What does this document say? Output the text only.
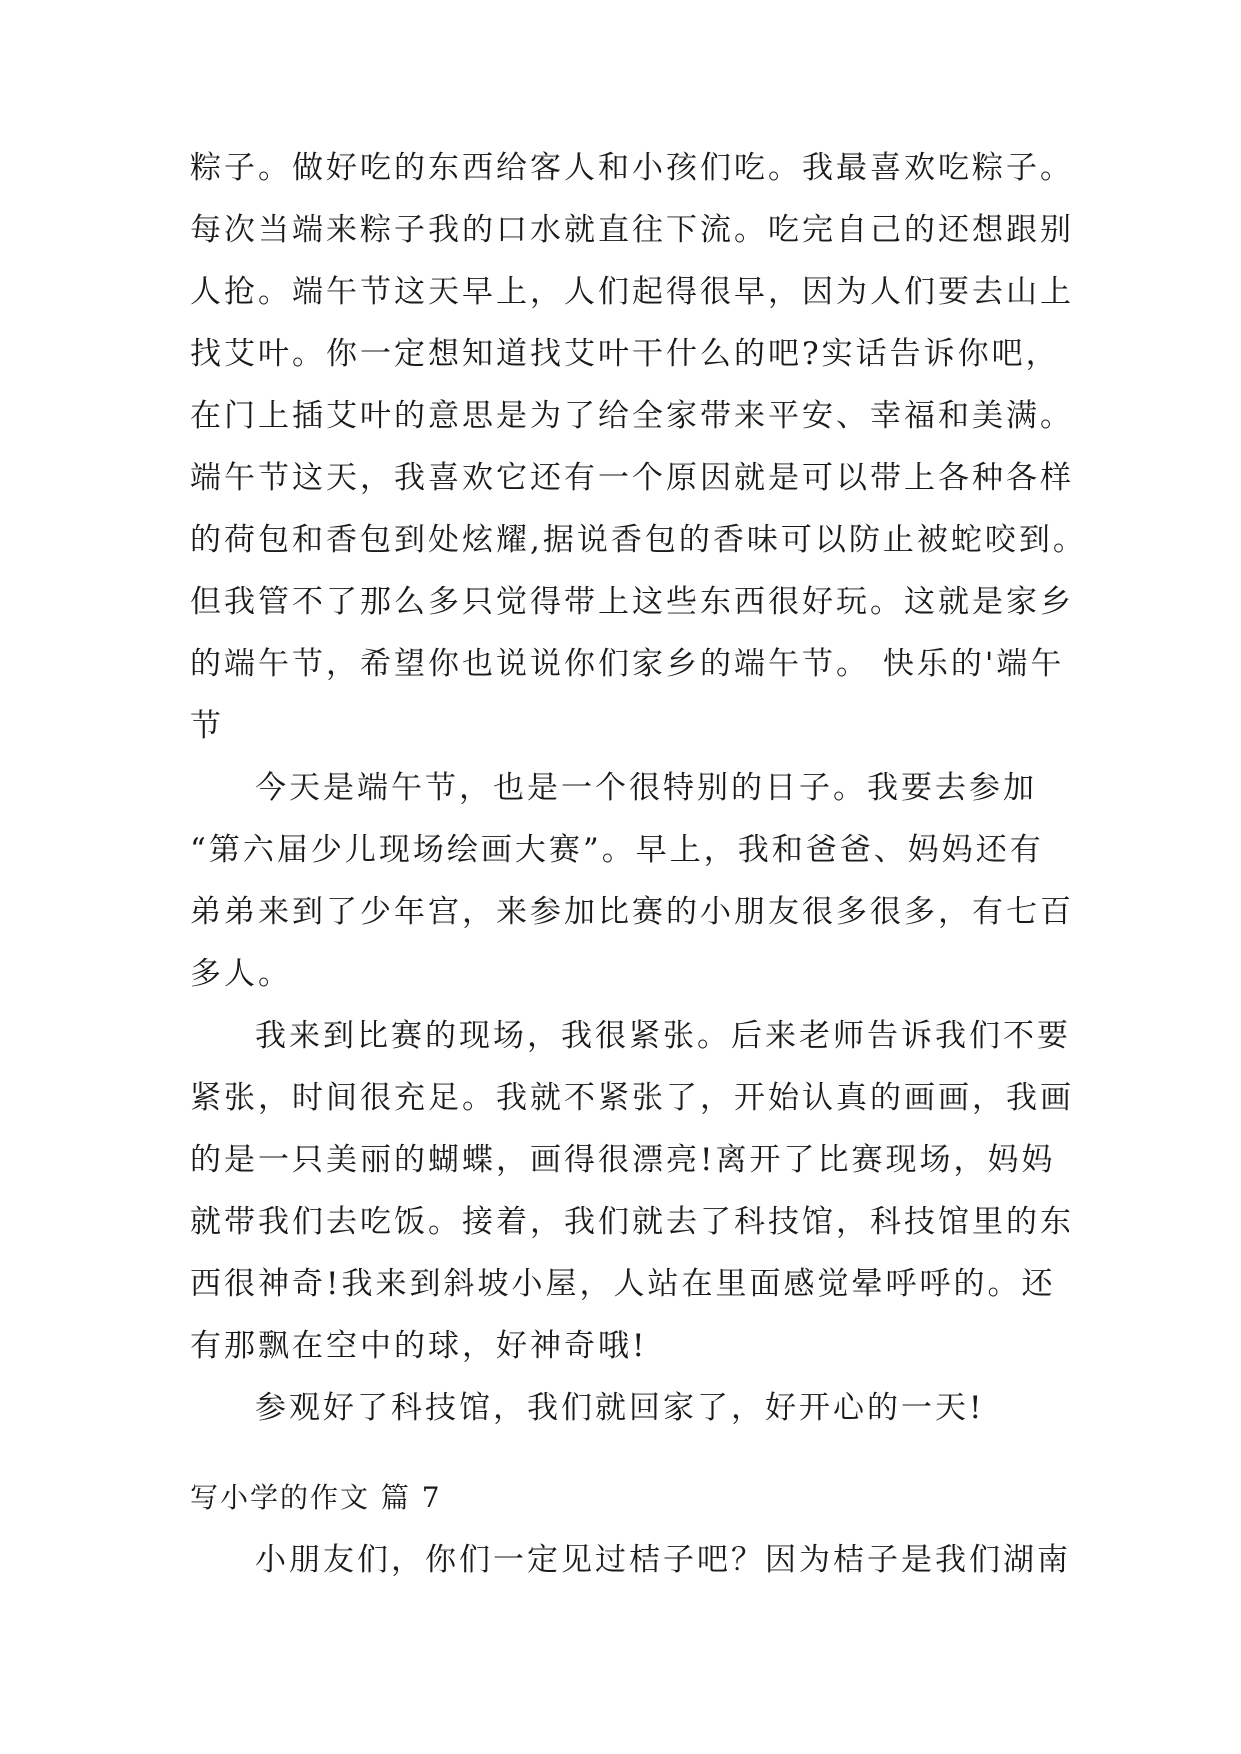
粽子。做好吃的东西给客人和小孩们吃。我最喜欢吃粽子。
每次当端来粽子我的口水就直往下流。吃完自己的还想跟别
人抢。端午节这天早上，人们起得很早，因为人们要去山上
找艾叶。你一定想知道找艾叶干什么的吧?实话告诉你吧，
在门上插艾叶的意思是为了给全家带来平安、幸福和美满。
端午节这天，我喜欢它还有一个原因就是可以带上各种各样
的荷包和香包到处炫耀,据说香包的香味可以防止被蛇咬到。
但我管不了那么多只觉得带上这些东西很好玩。这就是家乡
的端午节，希望你也说说你们家乡的端午节。 快乐的'端午
节
今天是端午节，也是一个很特别的日子。我要去参加
“第六届少儿现场绘画大赛”。早上，我和爸爸、妈妈还有
弟弟来到了少年宫，来参加比赛的小朋友很多很多，有七百
多人。
我来到比赛的现场，我很紧张。后来老师告诉我们不要
紧张，时间很充足。我就不紧张了，开始认真的画画，我画
的是一只美丽的蝴蝶，画得很漂亮!离开了比赛现场，妈妈
就带我们去吃饭。接着，我们就去了科技馆，科技馆里的东
西很神奇!我来到斜坡小屋，人站在里面感觉晕呼呼的。还
有那飘在空中的球，好神奇哦!
参观好了科技馆，我们就回家了，好开心的一天!
写小学的作文 篇 7
小朋友们，你们一定见过桔子吧？因为桔子是我们湖南
